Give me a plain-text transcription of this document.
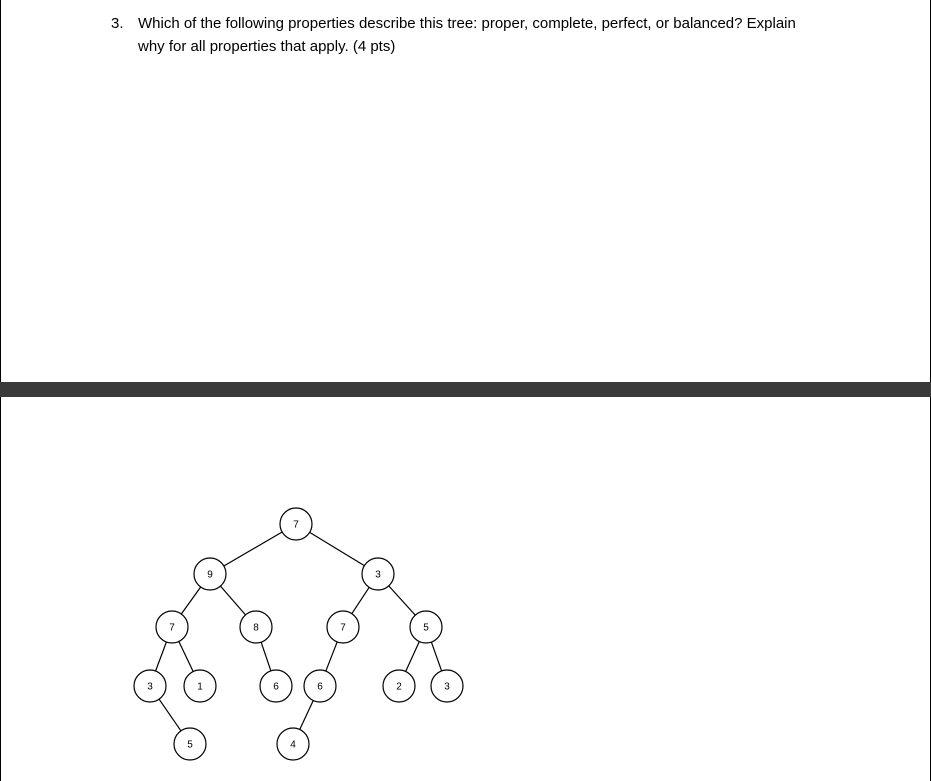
3. Which of the following properties describe this tree: proper, complete, perfect, or balanced? Explain
why for all properties that apply. (4 pts)
7
9	3
7	8	7	5
3	1	6	6	2	3
5	4
